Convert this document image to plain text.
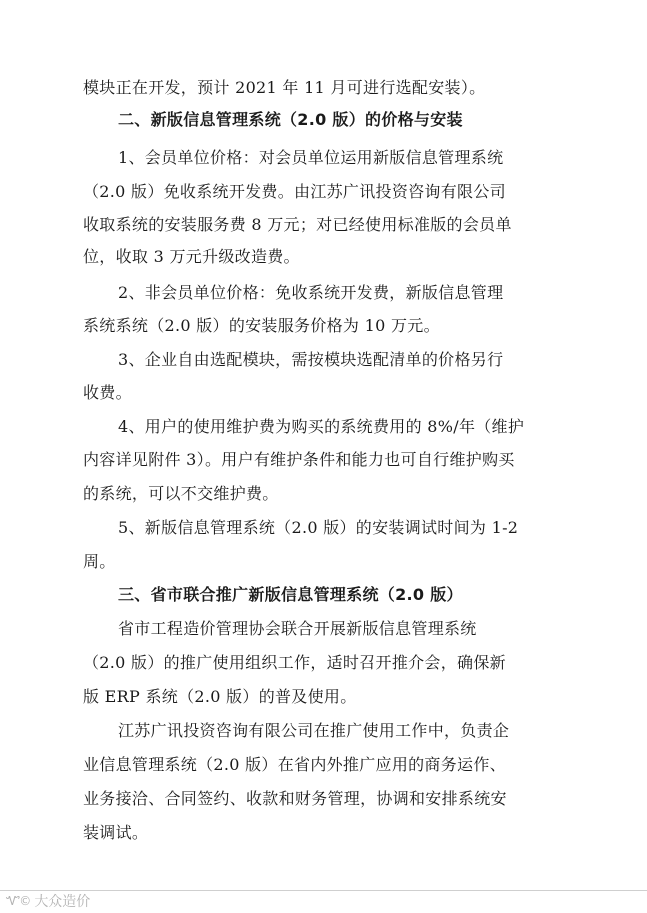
模块正在开发，预计 2021 年 11 月可进行选配安装）。
二、新版信息管理系统（2.0 版）的价格与安装
1、会员单位价格：对会员单位运用新版信息管理系统
（2.0 版）免收系统开发费。由江苏广讯投资咨询有限公司
收取系统的安装服务费 8 万元；对已经使用标准版的会员单
位，收取 3 万元升级改造费。
2、非会员单位价格：免收系统开发费，新版信息管理
系统系统（2.0 版）的安装服务价格为 10 万元。
3、企业自由选配模块，需按模块选配清单的价格另行
收费。
4、用户的使用维护费为购买的系统费用的 8%/年（维护
内容详见附件 3）。用户有维护条件和能力也可自行维护购买
的系统，可以不交维护费。
5、新版信息管理系统（2.0 版）的安装调试时间为 1-2
周。
三、省市联合推广新版信息管理系统（2.0 版）
省市工程造价管理协会联合开展新版信息管理系统
（2.0 版）的推广使用组织工作，适时召开推介会，确保新
版 ERP 系统（2.0 版）的普及使用。
江苏广讯投资咨询有限公司在推广使用工作中，负责企
业信息管理系统（2.0 版）在省内外推广应用的商务运作、
业务接洽、合同签约、收款和财务管理，协调和安排系统安
装调试。
Ꮙ© 大众造价
